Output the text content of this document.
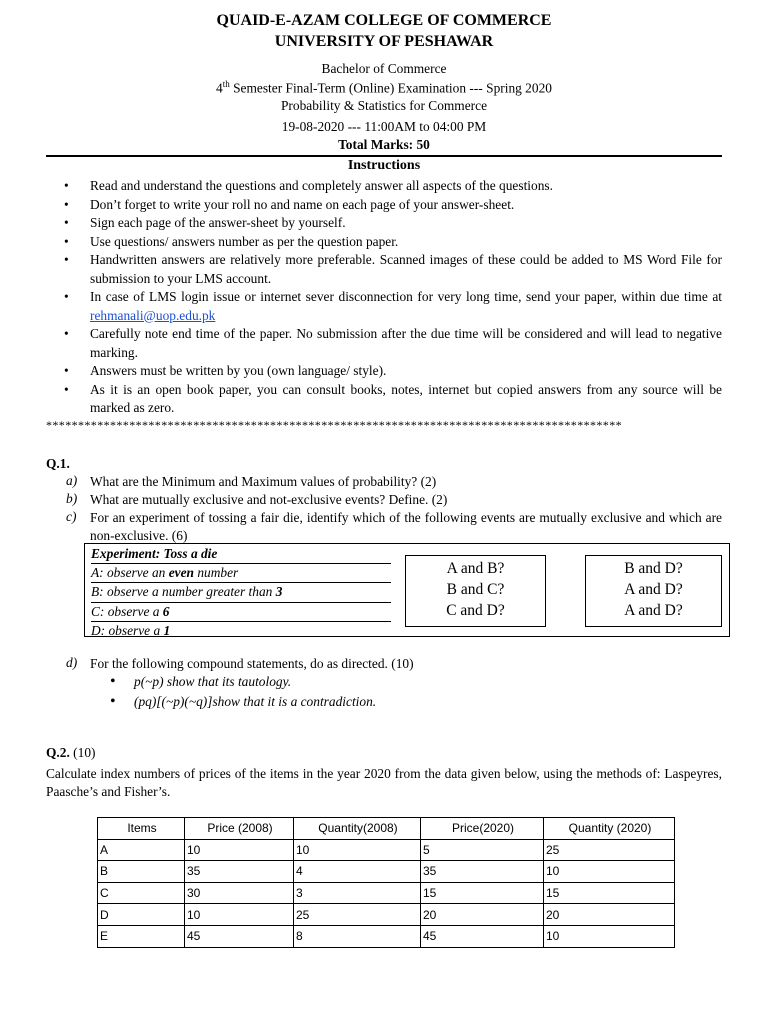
QUAID-E-AZAM COLLEGE OF COMMERCE
UNIVERSITY OF PESHAWAR
Bachelor of Commerce
4th Semester Final-Term (Online) Examination --- Spring 2020
Probability & Statistics for Commerce
19-08-2020 --- 11:00AM to 04:00 PM
Total Marks: 50
Instructions
• Read and understand the questions and completely answer all aspects of the questions.
• Don’t forget to write your roll no and name on each page of your answer-sheet.
• Sign each page of the answer-sheet by yourself.
• Use questions/ answers number as per the question paper.
• Handwritten answers are relatively more preferable. Scanned images of these could be added to MS Word File for submission to your LMS account.
• In case of LMS login issue or internet sever disconnection for very long time, send your paper, within due time at rehmanali@uop.edu.pk
• Carefully note end time of the paper. No submission after the due time will be considered and will lead to negative marking.
• Answers must be written by you (own language/ style).
• As it is an open book paper, you can consult books, notes, internet but copied answers from any source will be marked as zero.
******************************************************************************************
Q.1.
a) What are the Minimum and Maximum values of probability? (2)
b) What are mutually exclusive and not-exclusive events? Define. (2)
c) For an experiment of tossing a fair die, identify which of the following events are mutually exclusive and which are non-exclusive. (6)
Experiment: Toss a die
A: observe an even number
B: observe a number greater than 3
C: observe a 6
D: observe a 1
A and B?
B and C?
C and D?
B and D?
A and D?
A and D?
d) For the following compound statements, do as directed. (10)
• p(~p) show that its tautology.
• (pq)[(~p)(~q)]show that it is a contradiction.
Q.2. (10)
Calculate index numbers of prices of the items in the year 2020 from the data given below, using the methods of: Laspeyres, Paasche’s and Fisher’s.
Items	Price (2008)	Quantity(2008)	Price(2020)	Quantity (2020)
A	10	10	5	25
B	35	4	35	10
C	30	3	15	15
D	10	25	20	20
E	45	8	45	10
